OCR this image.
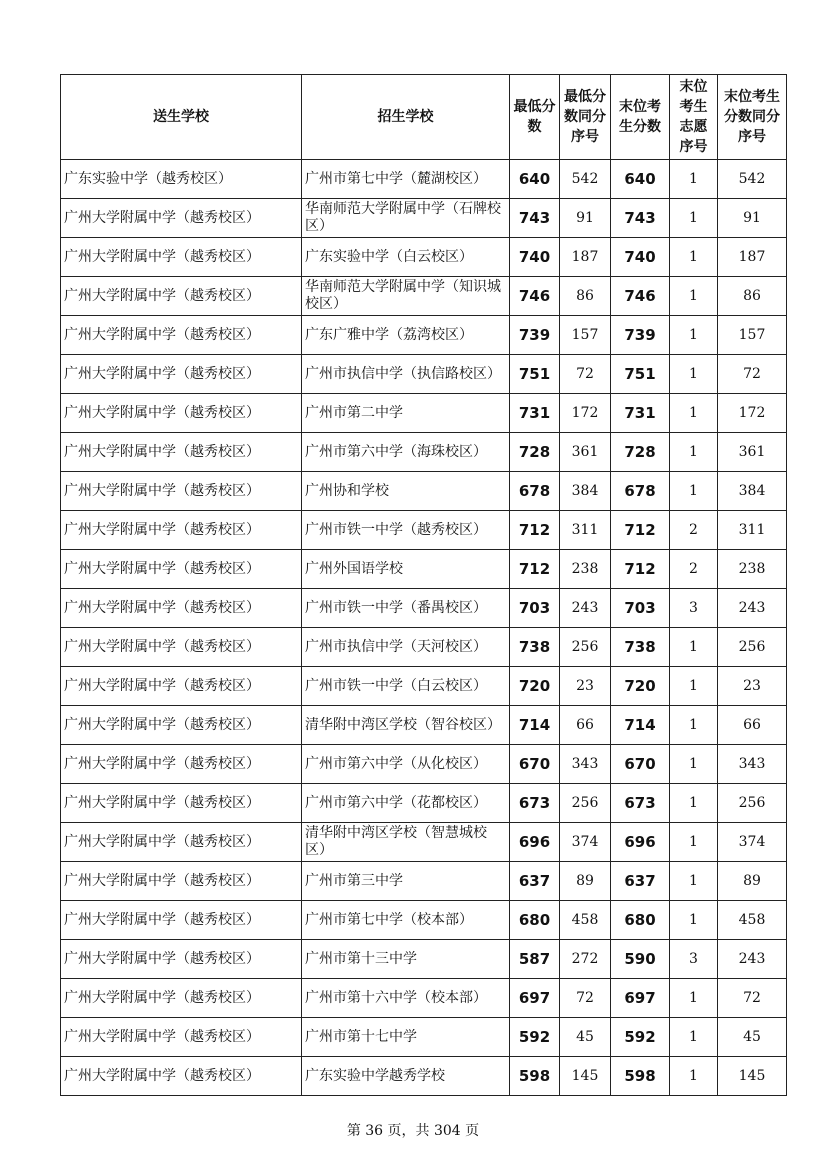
送生学校	招生学校	最低分数	最低分数同分序号	末位考生分数	末位考生志愿序号	末位考生分数同分序号
广东实验中学（越秀校区）	广州市第七中学（麓湖校区）	640	542	640	1	542
广州大学附属中学（越秀校区）	华南师范大学附属中学（石牌校区）	743	91	743	1	91
广州大学附属中学（越秀校区）	广东实验中学（白云校区）	740	187	740	1	187
广州大学附属中学（越秀校区）	华南师范大学附属中学（知识城校区）	746	86	746	1	86
广州大学附属中学（越秀校区）	广东广雅中学（荔湾校区）	739	157	739	1	157
广州大学附属中学（越秀校区）	广州市执信中学（执信路校区）	751	72	751	1	72
广州大学附属中学（越秀校区）	广州市第二中学	731	172	731	1	172
广州大学附属中学（越秀校区）	广州市第六中学（海珠校区）	728	361	728	1	361
广州大学附属中学（越秀校区）	广州协和学校	678	384	678	1	384
广州大学附属中学（越秀校区）	广州市铁一中学（越秀校区）	712	311	712	2	311
广州大学附属中学（越秀校区）	广州外国语学校	712	238	712	2	238
广州大学附属中学（越秀校区）	广州市铁一中学（番禺校区）	703	243	703	3	243
广州大学附属中学（越秀校区）	广州市执信中学（天河校区）	738	256	738	1	256
广州大学附属中学（越秀校区）	广州市铁一中学（白云校区）	720	23	720	1	23
广州大学附属中学（越秀校区）	清华附中湾区学校（智谷校区）	714	66	714	1	66
广州大学附属中学（越秀校区）	广州市第六中学（从化校区）	670	343	670	1	343
广州大学附属中学（越秀校区）	广州市第六中学（花都校区）	673	256	673	1	256
广州大学附属中学（越秀校区）	清华附中湾区学校（智慧城校区）	696	374	696	1	374
广州大学附属中学（越秀校区）	广州市第三中学	637	89	637	1	89
广州大学附属中学（越秀校区）	广州市第七中学（校本部）	680	458	680	1	458
广州大学附属中学（越秀校区）	广州市第十三中学	587	272	590	3	243
广州大学附属中学（越秀校区）	广州市第十六中学（校本部）	697	72	697	1	72
广州大学附属中学（越秀校区）	广州市第十七中学	592	45	592	1	45
广州大学附属中学（越秀校区）	广东实验中学越秀学校	598	145	598	1	145
第 36 页，共 304 页
